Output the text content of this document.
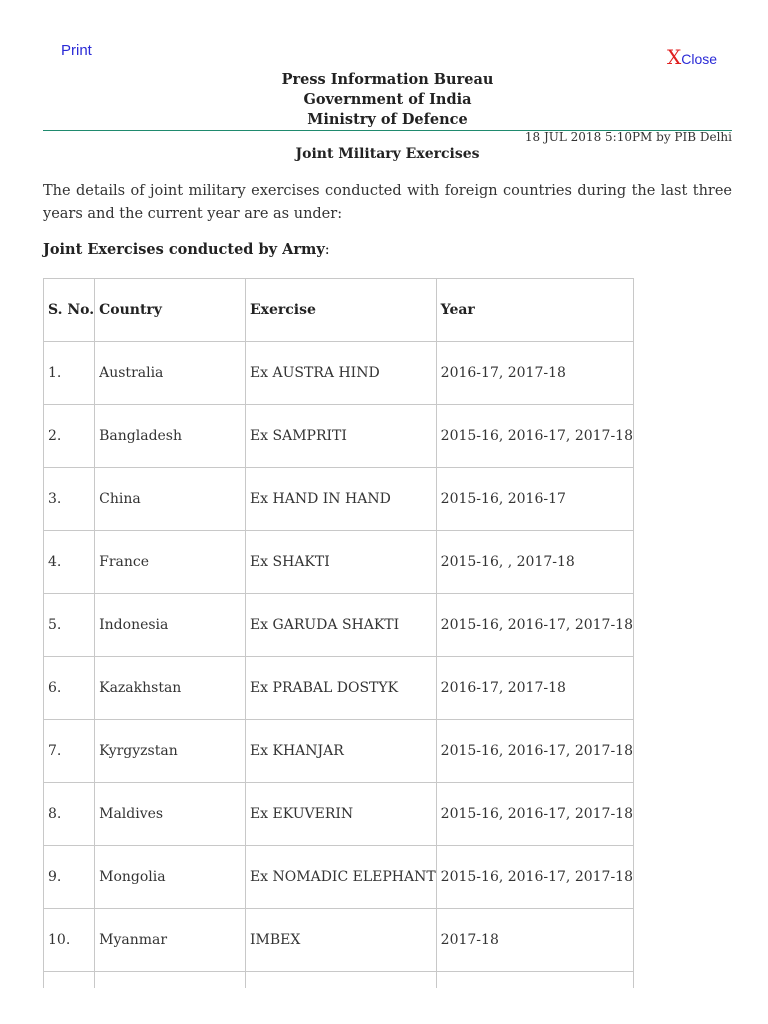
Print	XClose
Press Information Bureau
Government of India
Ministry of Defence
18 JUL 2018 5:10PM by PIB Delhi
Joint Military Exercises
The details of joint military exercises conducted with foreign countries during the last three years and the current year are as under:
Joint Exercises conducted by Army:
S. No.	Country	Exercise	Year
1.	Australia	Ex AUSTRA HIND	2016-17, 2017-18
2.	Bangladesh	Ex SAMPRITI	2015-16, 2016-17, 2017-18
3.	China	Ex HAND IN HAND	2015-16, 2016-17
4.	France	Ex SHAKTI	2015-16, , 2017-18
5.	Indonesia	Ex GARUDA SHAKTI	2015-16, 2016-17, 2017-18
6.	Kazakhstan	Ex PRABAL DOSTYK	2016-17, 2017-18
7.	Kyrgyzstan	Ex KHANJAR	2015-16, 2016-17, 2017-18
8.	Maldives	Ex EKUVERIN	2015-16, 2016-17, 2017-18
9.	Mongolia	Ex NOMADIC ELEPHANT	2015-16, 2016-17, 2017-18
10.	Myanmar	IMBEX	2017-18
